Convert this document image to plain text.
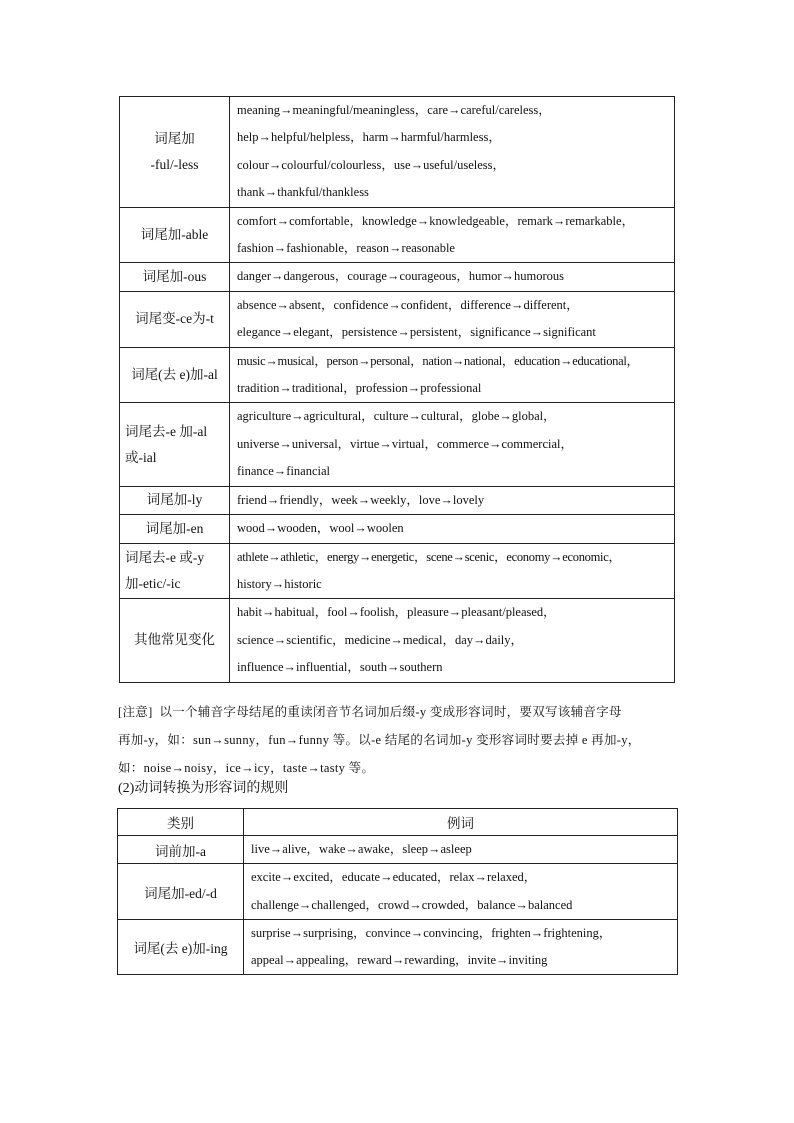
词尾加
-ful/-less	meaning→meaningful/meaningless，care→careful/careless，
help→helpful/helpless，harm→harmful/harmless，
colour→colourful/colourless，use→useful/useless，
thank→thankful/thankless

词尾加-able	comfort→comfortable，knowledge→knowledgeable，remark→remarkable，
fashion→fashionable，reason→reasonable

词尾加-ous	danger→dangerous，courage→courageous，humor→humorous

词尾变-ce为-t	absence→absent，confidence→confident，difference→different，
elegance→elegant，persistence→persistent，significance→significant

词尾(去 e)加-al	music→musical，person→personal，nation→national，education→educational，
tradition→traditional，profession→professional

词尾去-e 加-al
或-ial	agriculture→agricultural，culture→cultural，globe→global，
universe→universal，virtue→virtual，commerce→commercial，
finance→financial

词尾加-ly	friend→friendly，week→weekly，love→lovely

词尾加-en	wood→wooden，wool→woolen

词尾去-e 或-y
加-etic/-ic	athlete→athletic，energy→energetic，scene→scenic，economy→economic，
history→historic

其他常见变化	habit→habitual，fool→foolish，pleasure→pleasant/pleased，
science→scientific，medicine→medical，day→daily，
influence→influential，south→southern
[注意] 以一个辅音字母结尾的重读闭音节名词加后缀-y 变成形容词时，要双写该辅音字母
再加-y，如：sun→sunny，fun→funny 等。以-e 结尾的名词加-y 变形容词时要去掉 e 再加-y，
如：noise→noisy，ice→icy，taste→tasty 等。
(2)动词转换为形容词的规则
类别	例词

词前加-a	live→alive，wake→awake，sleep→asleep

词尾加-ed/-d	excite→excited，educate→educated，relax→relaxed，
challenge→challenged，crowd→crowded，balance→balanced

词尾(去 e)加-ing	surprise→surprising，convince→convincing，frighten→frightening，
appeal→appealing，reward→rewarding，invite→inviting
